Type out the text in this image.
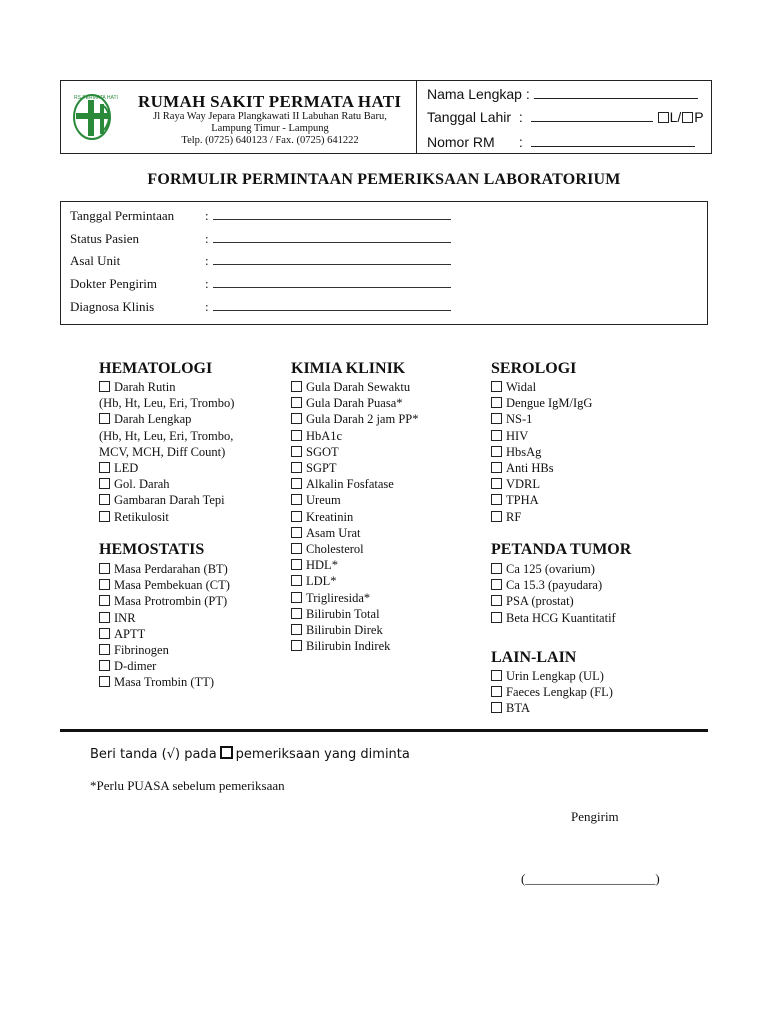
RS PERMATA HATI RUMAH SAKIT PERMATA HATI
Jl Raya Way Jepara Plangkawati II Labuhan Ratu Baru,
Lampung Timur - Lampung
Telp. (0725) 640123 / Fax. (0725) 641222
Nama Lengkap :
Tanggal Lahir :	L/ P
Nomor RM :
FORMULIR PERMINTAAN PEMERIKSAAN LABORATORIUM
Tanggal Permintaan :
Status Pasien	:
Asal Unit	:
Dokter Pengirim	:
Diagnosa Klinis	:
HEMATOLOGI
Darah Rutin
(Hb, Ht, Leu, Eri, Trombo)
Darah Lengkap
(Hb, Ht, Leu, Eri, Trombo,
MCV, MCH, Diff Count)
LED
Gol. Darah
Gambaran Darah Tepi
Retikulosit
HEMOSTATIS
Masa Perdarahan (BT)
Masa Pembekuan (CT)
Masa Protrombin (PT)
INR
APTT
Fibrinogen
D-dimer
Masa Trombin (TT)
KIMIA KLINIK
Gula Darah Sewaktu
Gula Darah Puasa*
Gula Darah 2 jam PP*
HbA1c
SGOT
SGPT
Alkalin Fosfatase
Ureum
Kreatinin
Asam Urat
Cholesterol
HDL*
LDL*
Trigliresida*
Bilirubin Total
Bilirubin Direk
Bilirubin Indirek
SEROLOGI
Widal
Dengue IgM/IgG
NS-1
HIV
HbsAg
Anti HBs
VDRL
TPHA
RF
PETANDA TUMOR
Ca 125 (ovarium)
Ca 15.3 (payudara)
PSA (prostat)
Beta HCG Kuantitatif
LAIN-LAIN
Urin Lengkap (UL)
Faeces Lengkap (FL)
BTA
Beri tanda (√) pada pemeriksaan yang diminta
*Perlu PUASA sebelum pemeriksaan
Pengirim
(____________________)
